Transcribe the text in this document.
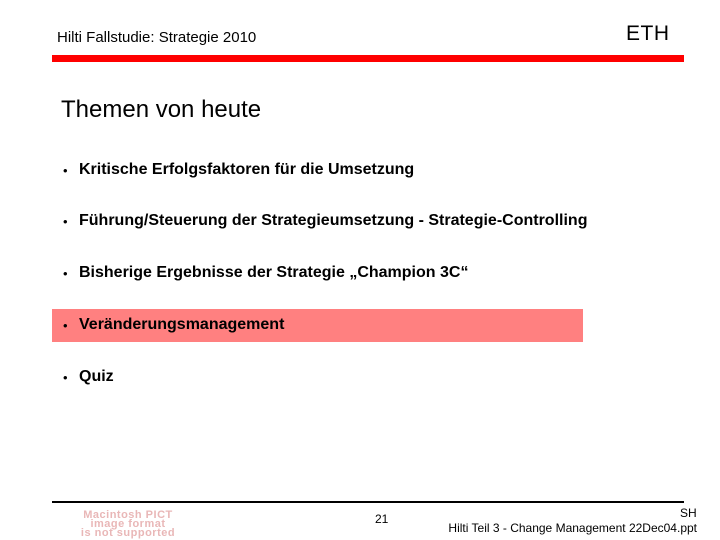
Hilti Fallstudie: Strategie 2010	ETH
Themen von heute
• Kritische Erfolgsfaktoren für die Umsetzung
• Führung/Steuerung der Strategieumsetzung - Strategie-Controlling
• Bisherige Ergebnisse der Strategie „Champion 3C“
• Veränderungsmanagement
• Quiz
Macintosh PICT
image format
is not supported
21	SH
Hilti Teil 3 - Change Management 22Dec04.ppt
